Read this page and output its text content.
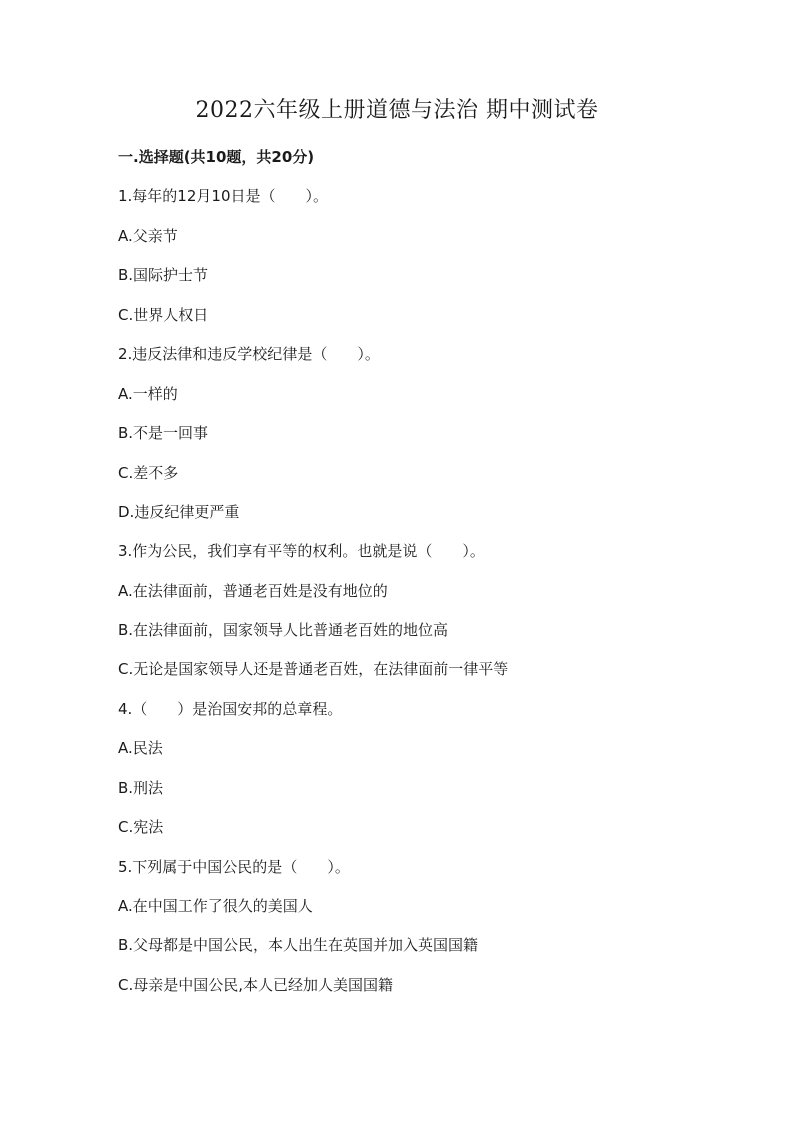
2022六年级上册道德与法治 期中测试卷
一.选择题(共10题，共20分)
1.每年的12月10日是（　　）。
A.父亲节
B.国际护士节
C.世界人权日
2.违反法律和违反学校纪律是（　　）。
A.一样的
B.不是一回事
C.差不多
D.违反纪律更严重
3.作为公民，我们享有平等的权利。也就是说（　　）。
A.在法律面前，普通老百姓是没有地位的
B.在法律面前，国家领导人比普通老百姓的地位高
C.无论是国家领导人还是普通老百姓，在法律面前一律平等
4.（　　）是治国安邦的总章程。
A.民法
B.刑法
C.宪法
5.下列属于中国公民的是（　　）。
A.在中国工作了很久的美国人
B.父母都是中国公民，本人出生在英国并加入英国国籍
C.母亲是中国公民,本人已经加人美国国籍
